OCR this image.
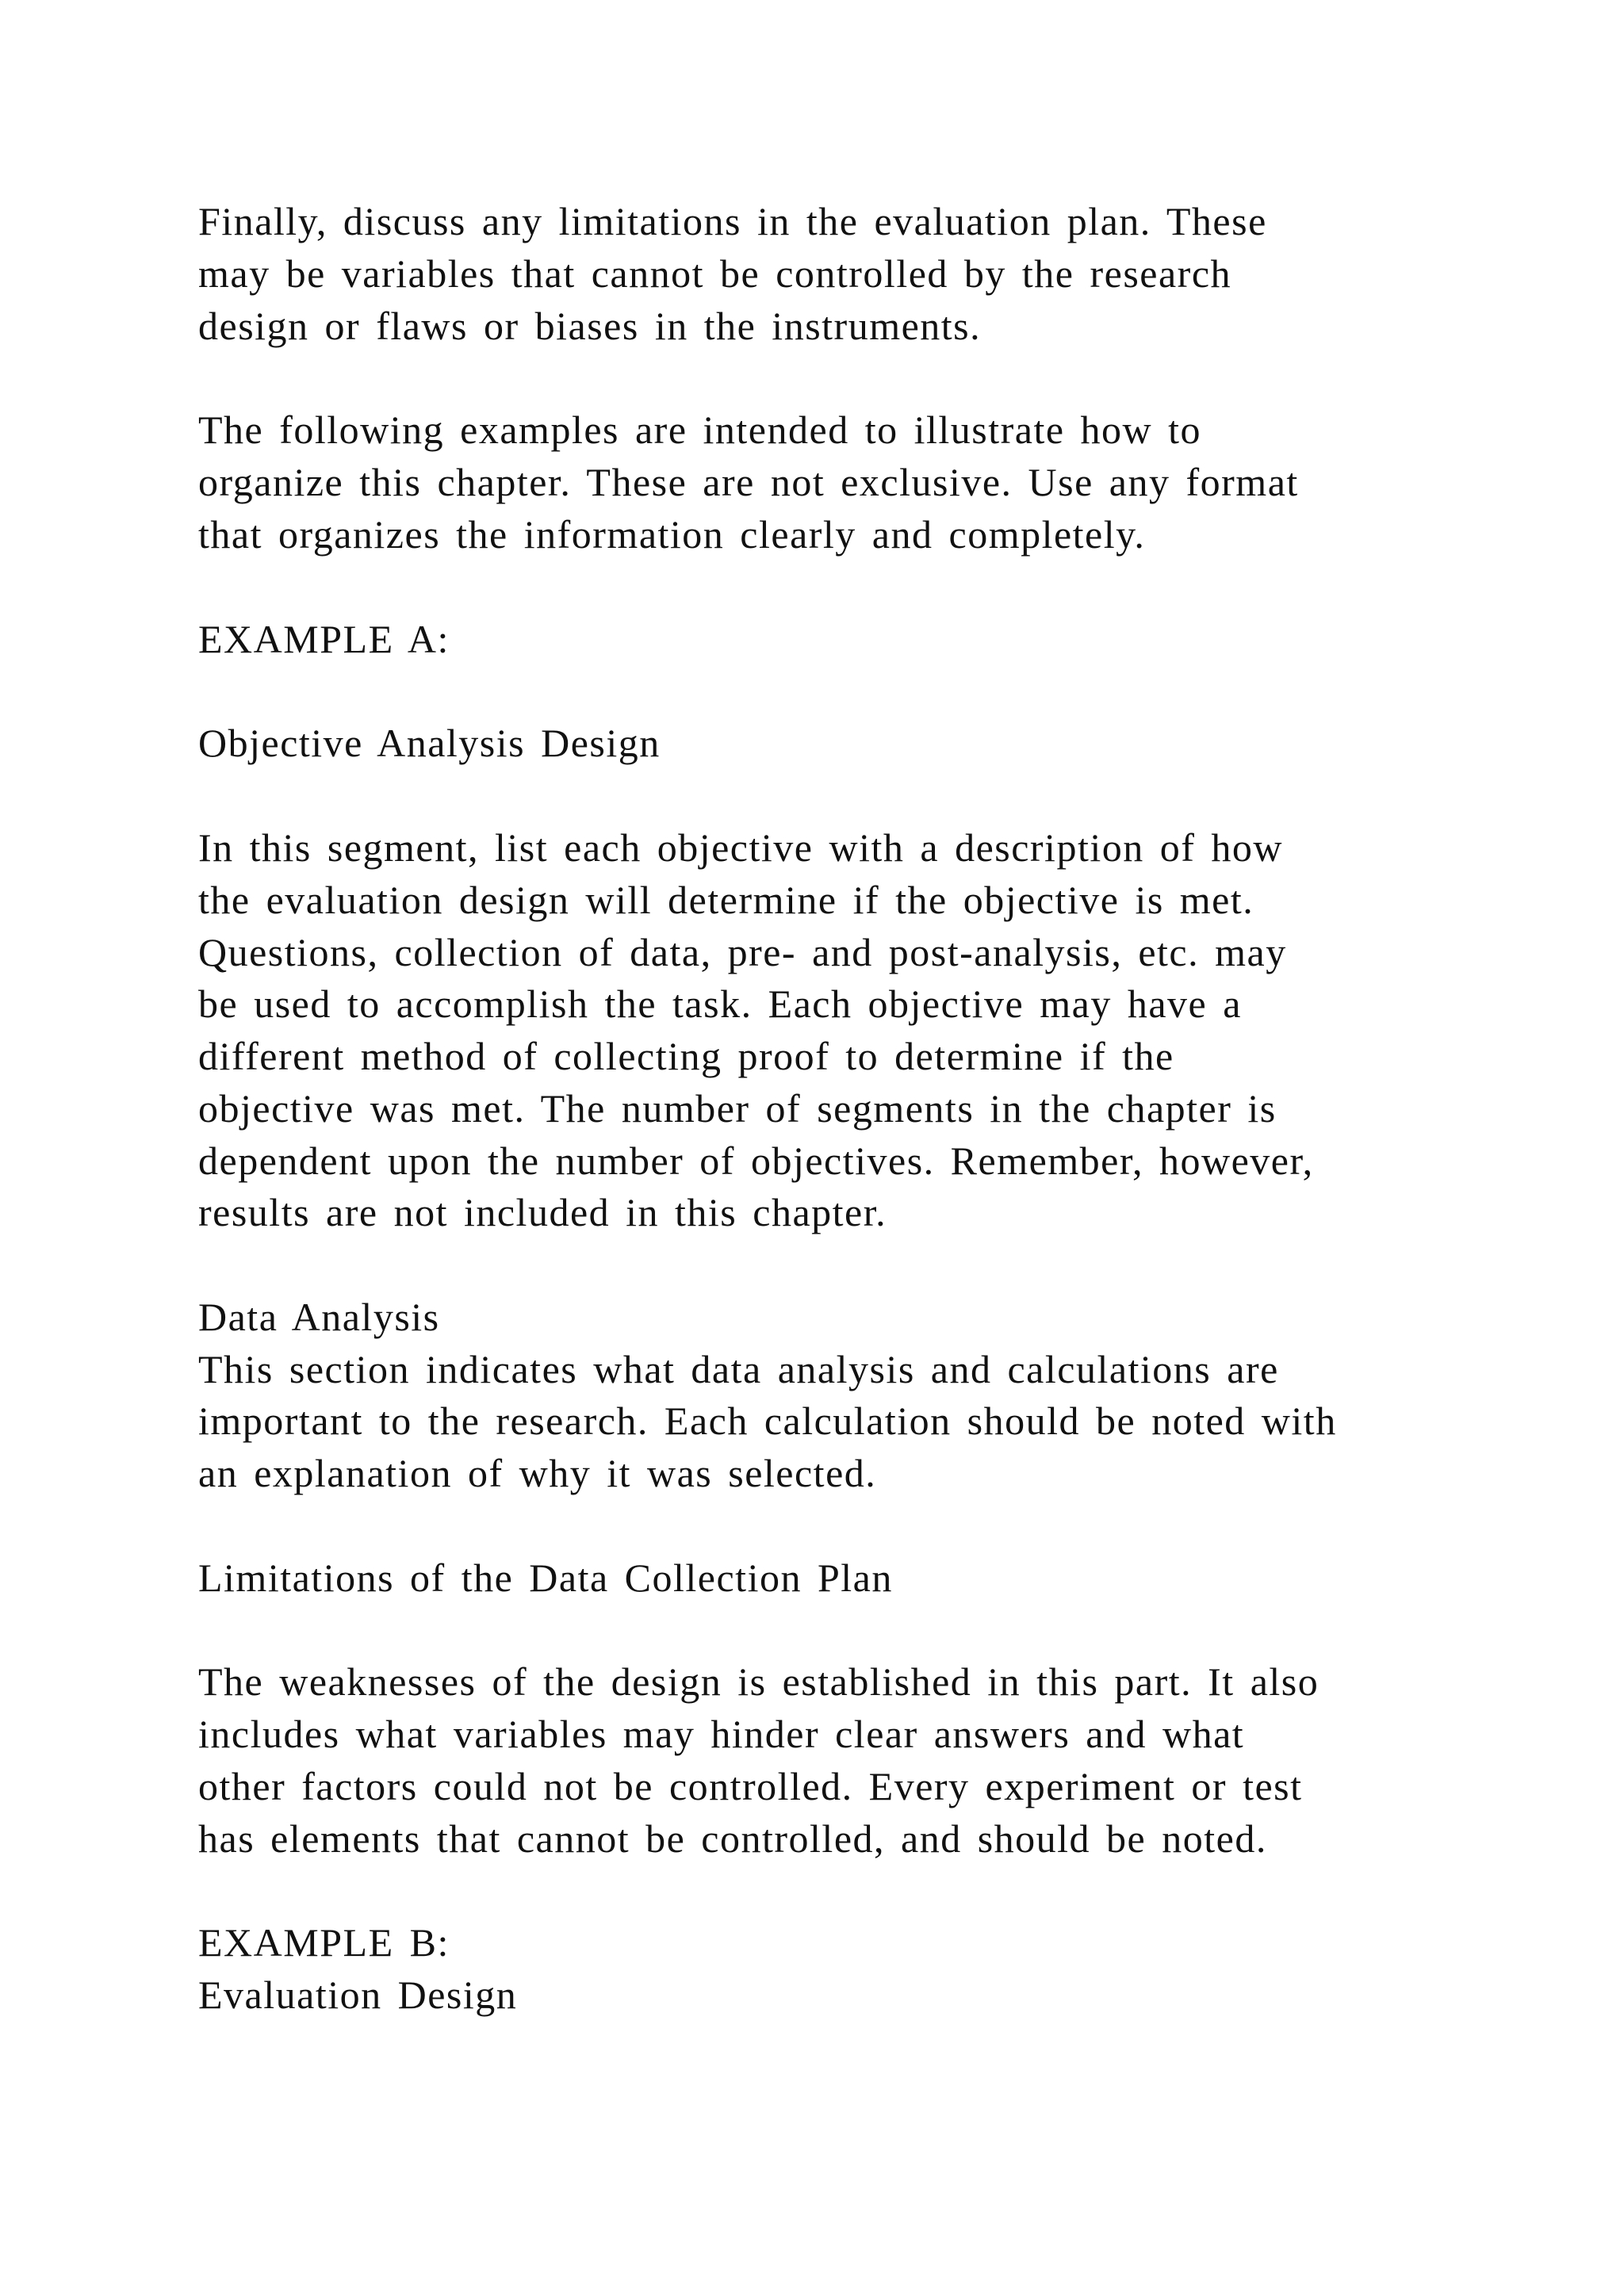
Finally, discuss any limitations in the evaluation plan. These
may be variables that cannot be controlled by the research
design or flaws or biases in the instruments.
The following examples are intended to illustrate how to
organize this chapter. These are not exclusive. Use any format
that organizes the information clearly and completely.
EXAMPLE A:
Objective Analysis Design
In this segment, list each objective with a description of how
the evaluation design will determine if the objective is met.
Questions, collection of data, pre- and post-analysis, etc. may
be used to accomplish the task. Each objective may have a
different method of collecting proof to determine if the
objective was met. The number of segments in the chapter is
dependent upon the number of objectives. Remember, however,
results are not included in this chapter.
Data Analysis
This section indicates what data analysis and calculations are
important to the research. Each calculation should be noted with
an explanation of why it was selected.
Limitations of the Data Collection Plan
The weaknesses of the design is established in this part. It also
includes what variables may hinder clear answers and what
other factors could not be controlled. Every experiment or test
has elements that cannot be controlled, and should be noted.
EXAMPLE B:
Evaluation Design
